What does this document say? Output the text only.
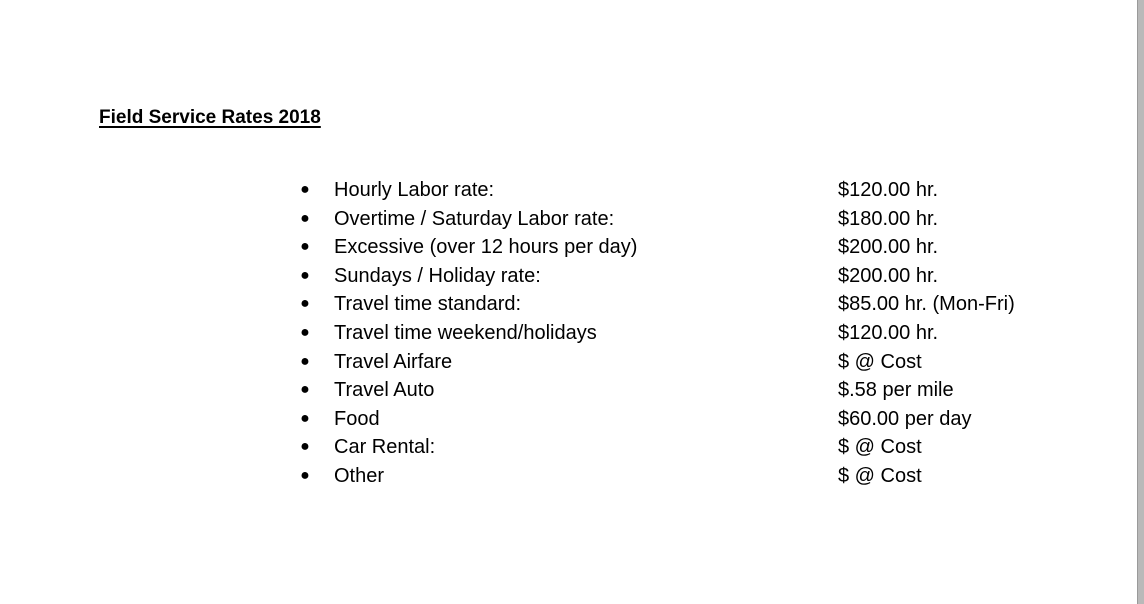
Field Service Rates 2018
● Hourly Labor rate:	$120.00 hr.
● Overtime / Saturday Labor rate:	$180.00 hr.
● Excessive (over 12 hours per day)	$200.00 hr.
● Sundays / Holiday rate:	$200.00 hr.
● Travel time standard:	$85.00 hr. (Mon-Fri)
● Travel time weekend/holidays	$120.00 hr.
● Travel Airfare	$ @ Cost
● Travel Auto	$.58 per mile
● Food	$60.00 per day
● Car Rental:	$ @ Cost
● Other	$ @ Cost
